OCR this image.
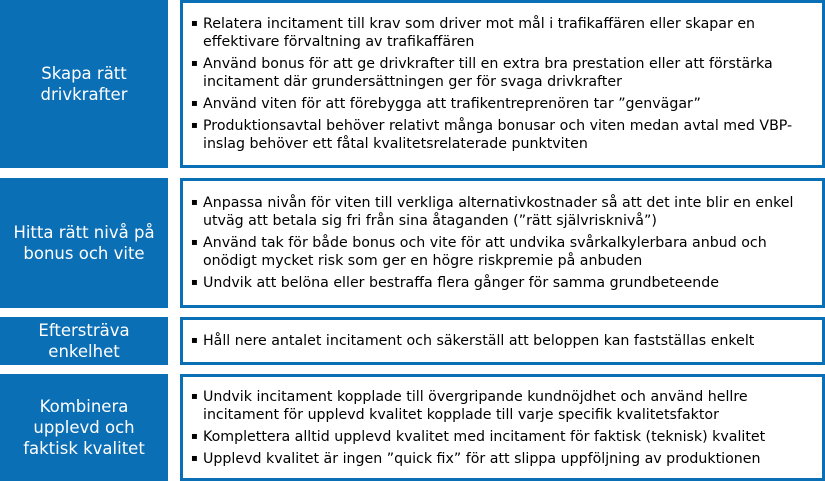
Skapa rätt drivkrafter
▪ Relatera incitament till krav som driver mot mål i trafikaffären eller skapar en effektivare förvaltning av trafikaffären
▪ Använd bonus för att ge drivkrafter till en extra bra prestation eller att förstärka incitament där grundersättningen ger för svaga drivkrafter
▪ Använd viten för att förebygga att trafikentreprenören tar ”genvägar”
▪ Produktionsavtal behöver relativt många bonusar och viten medan avtal med VBP-inslag behöver ett fåtal kvalitetsrelaterade punktviten
Hitta rätt nivå på bonus och vite
▪ Anpassa nivån för viten till verkliga alternativkostnader så att det inte blir en enkel utväg att betala sig fri från sina åtaganden (”rätt självrisknivå”)
▪ Använd tak för både bonus och vite för att undvika svårkalkylerbara anbud och onödigt mycket risk som ger en högre riskpremie på anbuden
▪ Undvik att belöna eller bestraffa flera gånger för samma grundbeteende
Eftersträva enkelhet
▪ Håll nere antalet incitament och säkerställ att beloppen kan fastställas enkelt
Kombinera upplevd och faktisk kvalitet
▪ Undvik incitament kopplade till övergripande kundnöjdhet och använd hellre incitament för upplevd kvalitet kopplade till varje specifik kvalitetsfaktor
▪ Komplettera alltid upplevd kvalitet med incitament för faktisk (teknisk) kvalitet
▪ Upplevd kvalitet är ingen ”quick fix” för att slippa uppföljning av produktionen
